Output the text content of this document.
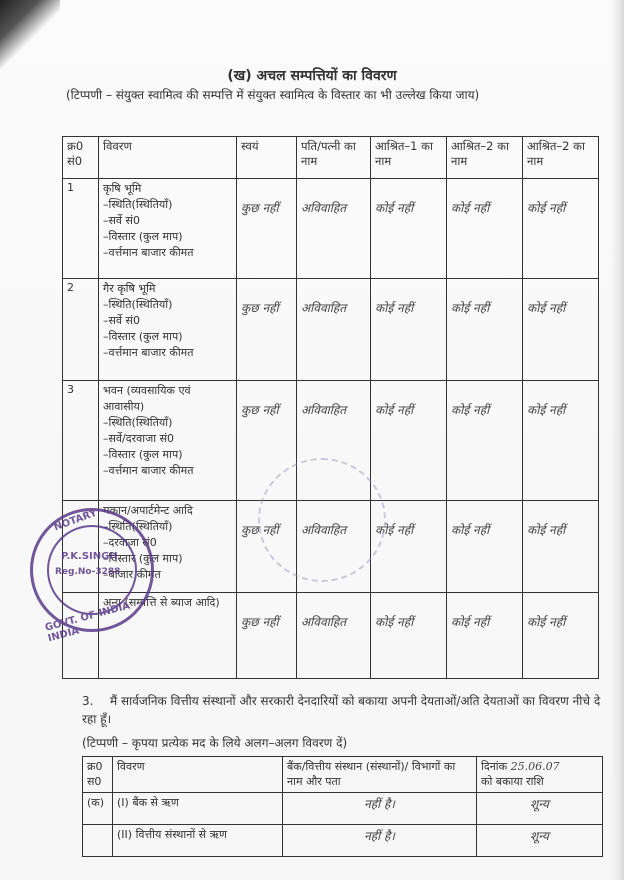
(ख) अचल सम्पत्तियों का विवरण
(टिप्पणी – संयुक्त स्वामित्व की सम्पत्ति में संयुक्त स्वामित्व के विस्तार का भी उल्लेख किया जाय)
क्र0 सं0	विवरण	स्वयं	पति/पत्नी का नाम	आश्रित–1 का नाम	आश्रित–2 का नाम	आश्रित–2 का नाम
1	कृषि भूमि
–स्थिति(स्थितियॉं)
–सर्वे सं0
–विस्तार (कुल माप)
–वर्त्तमान बाजार कीमत	कुछ नहीं	अविवाहित	कोई नहीं	कोई नहीं	कोई नहीं

2	गैर कृषि भूमि
–स्थिति(स्थितियॉं)
–सर्वे सं0
–विस्तार (कुल माप)
–वर्त्तमान बाजार कीमत	कुछ नहीं	अविवाहित	कोई नहीं	कोई नहीं	कोई नहीं

3	भवन (व्यवसायिक एवं आवासीय)
–स्थिति(स्थितियॉं)
–सर्वे/दरवाजा सं0
–विस्तार (कुल माप)
–वर्त्तमान बाजार कीमत	कुछ नहीं	अविवाहित	कोई नहीं	कोई नहीं	कोई नहीं

	मकान/अपार्टमेन्ट आदि
–स्थिति(स्थितियॉं)
–दरवाजा सं0
–विस्तार (कुल माप)
–बाजार कीमत	कुछ नहीं	अविवाहित	कोई नहीं	कोई नहीं	कोई नहीं

	अन्य (सम्पत्ति से ब्याज आदि)	कुछ नहीं	अविवाहित	कोई नहीं	कोई नहीं	कोई नहीं
NOTARY
P.K.SINGH
Reg.No-3288
GOVT. OF INDIA INDIA
3. मैं सार्वजनिक वित्तीय संस्थानों और सरकारी देनदारियों को बकाया अपनी देयताओं/अति देयताओं का विवरण नीचे दे रहा हूँ।
(टिप्पणी – कृपया प्रत्येक मद के लिये अलग–अलग विवरण दें)
क्र0 स0	विवरण	बैंक/वित्तीय संस्थान (संस्थानों)/ विभागों का नाम और पता	दिनांक 25.06.07
को बकाया राशि
(क)	(I) बैंक से ऋण	नहीं है।	शून्य

	(II) वित्तीय संस्थानों से ऋण	नहीं है।	शून्य
